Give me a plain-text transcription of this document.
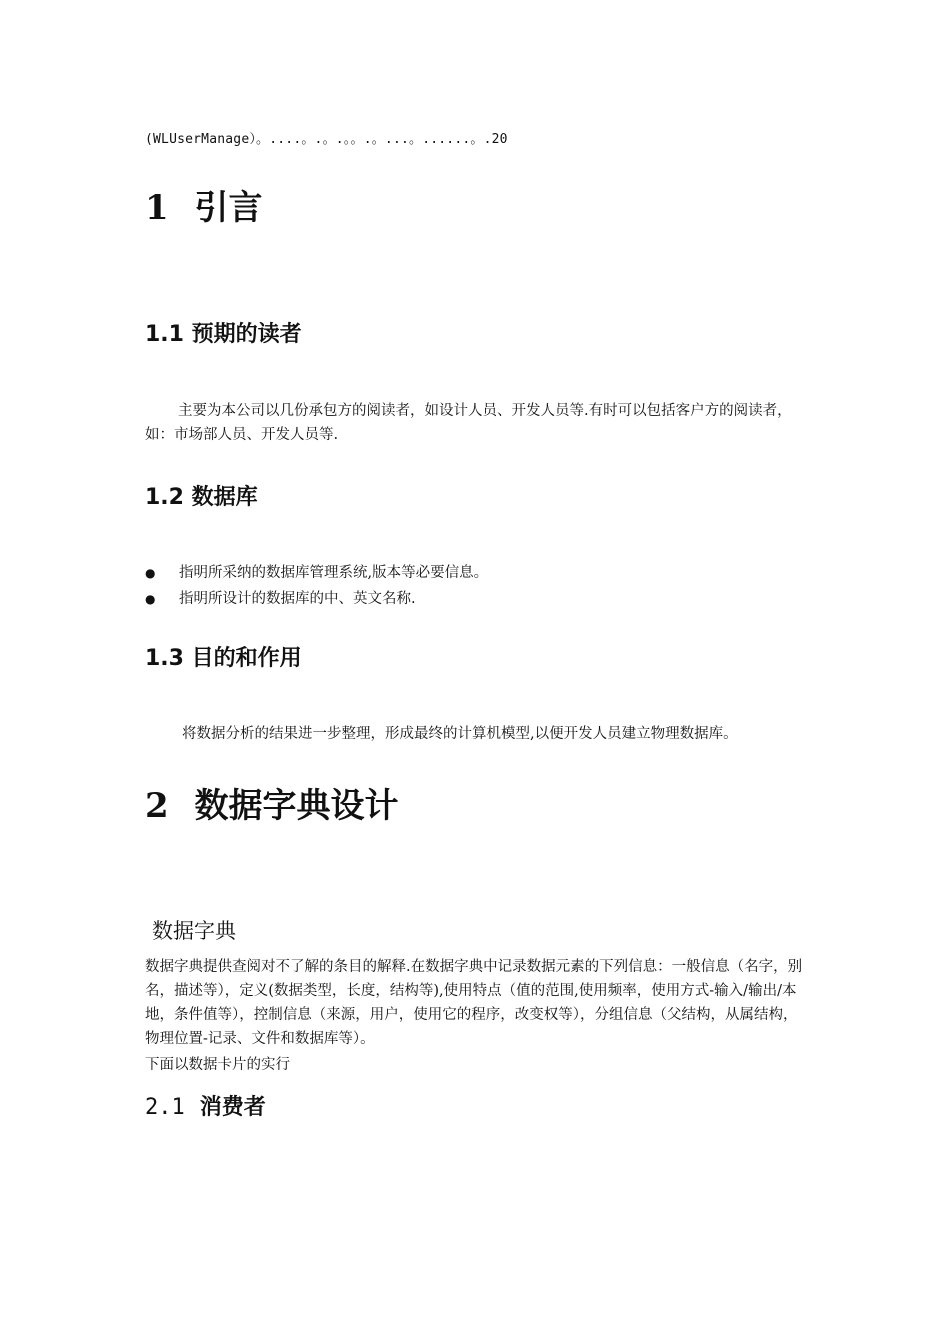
(WLUserManage）。....。.。.。。.。...。......。.20
1 引言
1.1 预期的读者
主要为本公司以几份承包方的阅读者，如设计人员、开发人员等.有时可以包括客户方的阅读者，如：市场部人员、开发人员等.
1.2 数据库
● 指明所采纳的数据库管理系统,版本等必要信息。
● 指明所设计的数据库的中、英文名称.
1.3 目的和作用
将数据分析的结果进一步整理，形成最终的计算机模型,以便开发人员建立物理数据库。
2 数据字典设计
数据字典
数据字典提供查阅对不了解的条目的解释.在数据字典中记录数据元素的下列信息：一般信息（名字，别名，描述等），定义(数据类型，长度，结构等),使用特点（值的范围,使用频率，使用方式-输入/输出/本地，条件值等），控制信息（来源，用户，使用它的程序，改变权等），分组信息（父结构，从属结构，物理位置-记录、文件和数据库等）。
下面以数据卡片的实行
2.1 消费者
